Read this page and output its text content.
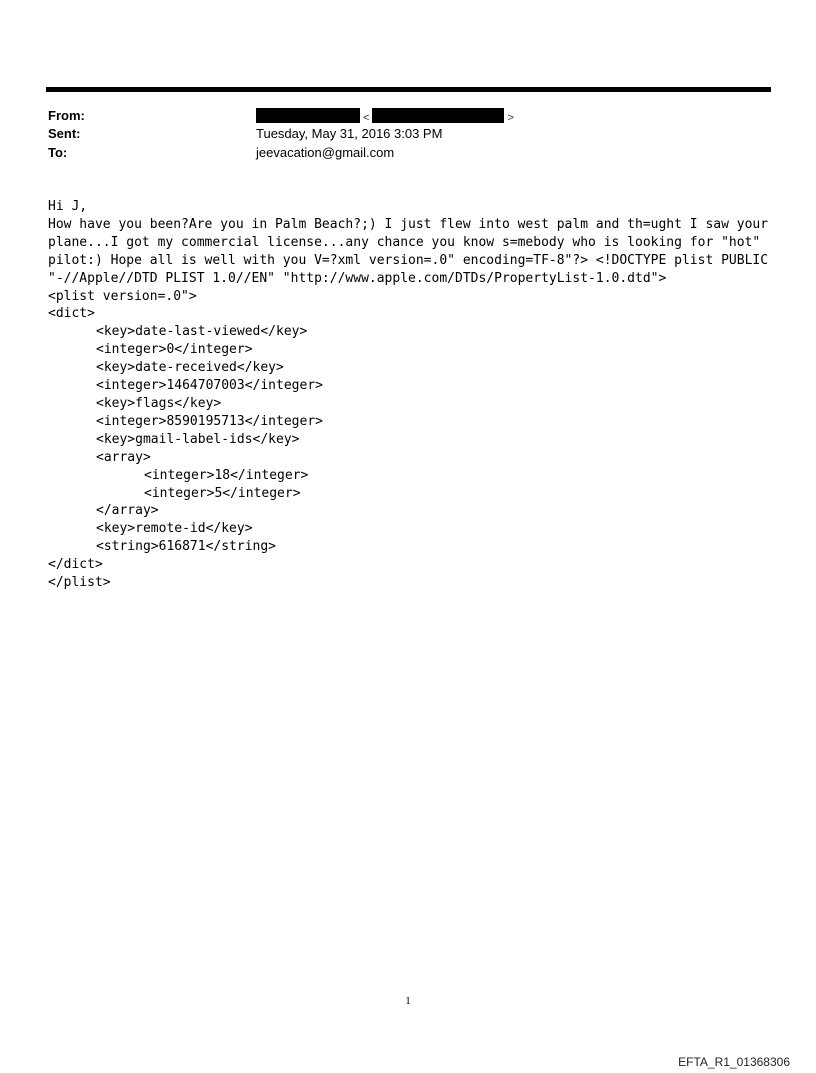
From:	<	>
Sent:	Tuesday, May 31, 2016 3:03 PM
To:	jeevacation@gmail.com
Hi J,
How have you been?Are you in Palm Beach?;) I just flew into west palm and th=ught I saw your plane...I got my commercial license...any chance you know s=mebody who is looking for "hot" pilot:) Hope all is well with you V=?xml version=.0" encoding=TF-8"?> <!DOCTYPE plist PUBLIC "-//Apple//DTD PLIST 1.0//EN" "http://www.apple.com/DTDs/PropertyList-1.0.dtd">
<plist version=.0">
<dict>
	<key>date-last-viewed</key>
	<integer>0</integer>
	<key>date-received</key>
	<integer>1464707003</integer>
	<key>flags</key>
	<integer>8590195713</integer>
	<key>gmail-label-ids</key>
	<array>
		<integer>18</integer>
		<integer>5</integer>
	</array>
	<key>remote-id</key>
	<string>616871</string>
</dict>
</plist>
1
EFTA_R1_01368306
